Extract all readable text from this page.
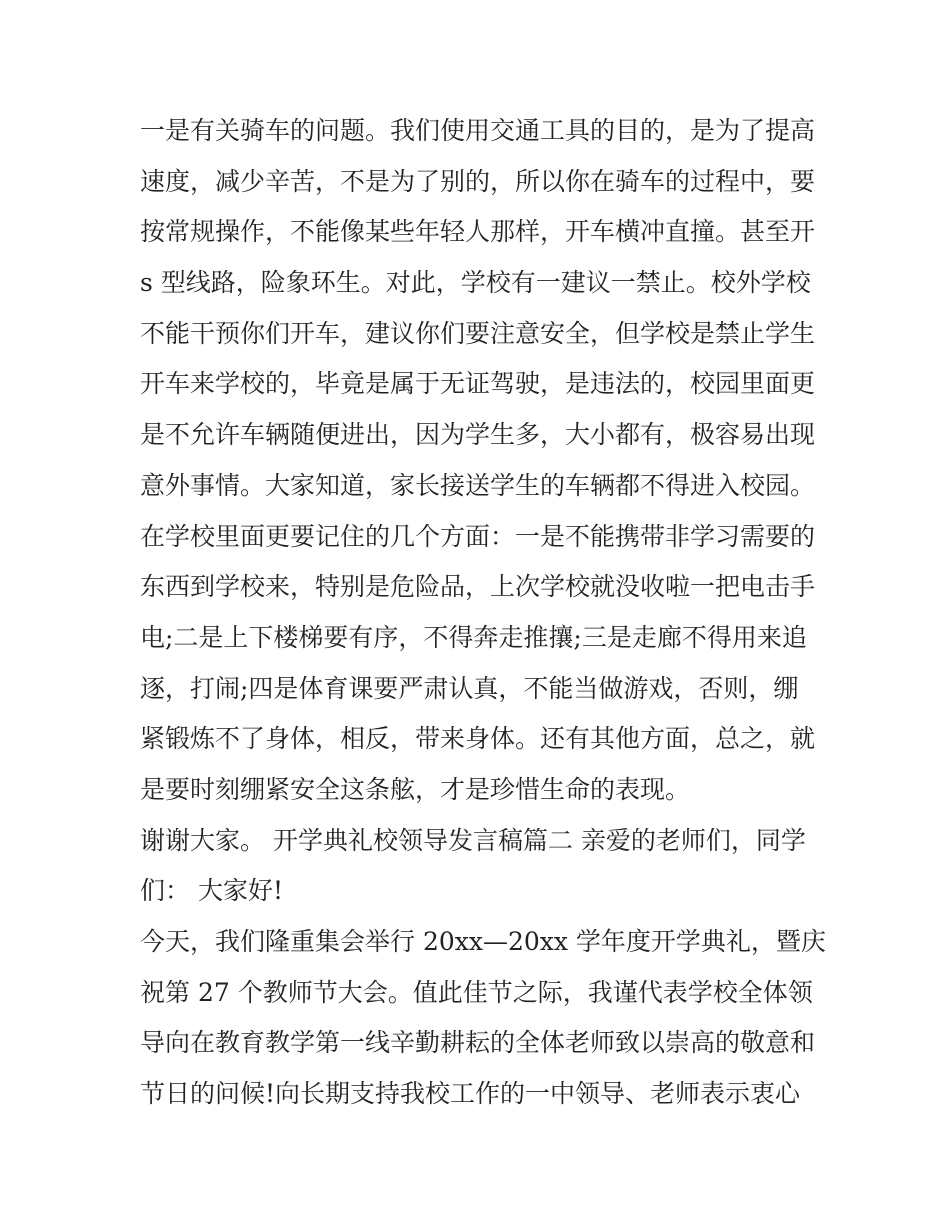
一是有关骑车的问题。我们使用交通工具的目的，是为了提高
速度，减少辛苦，不是为了别的，所以你在骑车的过程中，要
按常规操作，不能像某些年轻人那样，开车横冲直撞。甚至开
s 型线路，险象环生。对此，学校有一建议一禁止。校外学校
不能干预你们开车，建议你们要注意安全，但学校是禁止学生
开车来学校的，毕竟是属于无证驾驶，是违法的，校园里面更
是不允许车辆随便进出，因为学生多，大小都有，极容易出现
意外事情。大家知道，家长接送学生的车辆都不得进入校园。
在学校里面更要记住的几个方面：一是不能携带非学习需要的
东西到学校来，特别是危险品，上次学校就没收啦一把电击手
电;二是上下楼梯要有序，不得奔走推攘;三是走廊不得用来追
逐，打闹;四是体育课要严肃认真，不能当做游戏，否则，绷
紧锻炼不了身体，相反，带来身体。还有其他方面，总之，就
是要时刻绷紧安全这条舷，才是珍惜生命的表现。
谢谢大家。 开学典礼校领导发言稿篇二 亲爱的老师们，同学
们： 大家好!
今天，我们隆重集会举行 20xx—20xx 学年度开学典礼，暨庆
祝第 27 个教师节大会。值此佳节之际，我谨代表学校全体领
导向在教育教学第一线辛勤耕耘的全体老师致以崇高的敬意和
节日的问候!向长期支持我校工作的一中领导、老师表示衷心
